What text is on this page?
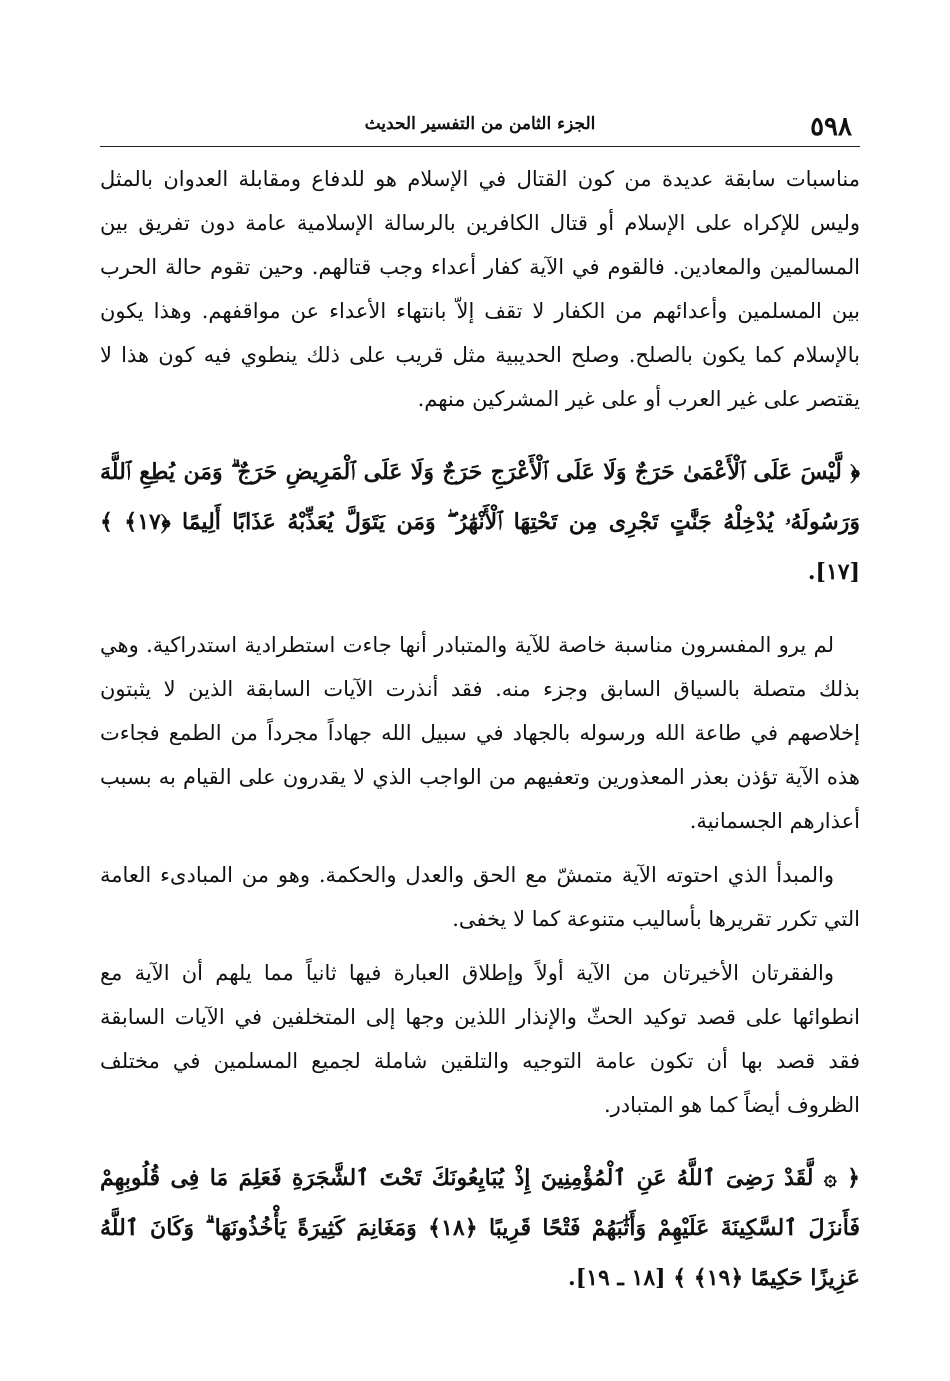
٥٩٨
الجزء الثامن من التفسير الحديث

مناسبات سابقة عديدة من كون القتال في الإسلام هو للدفاع ومقابلة العدوان بالمثل وليس للإكراه على الإسلام أو قتال الكافرين بالرسالة الإسلامية عامة دون تفريق بين المسالمين والمعادين. فالقوم في الآية كفار أعداء وجب قتالهم. وحين تقوم حالة الحرب بين المسلمين وأعدائهم من الكفار لا تقف إلاّ بانتهاء الأعداء عن مواقفهم. وهذا يكون بالإسلام كما يكون بالصلح. وصلح الحديبية مثل قريب على ذلك ينطوي فيه كون هذا لا يقتصر على غير العرب أو على غير المشركين منهم.

﴿ لَّيْسَ عَلَى ٱلْأَعْمَىٰ حَرَجٌ وَلَا عَلَى ٱلْأَعْرَجِ حَرَجٌ وَلَا عَلَى ٱلْمَرِيضِ حَرَجٌ ۗ وَمَن يُطِعِ ٱللَّهَ وَرَسُولَهُۥ يُدْخِلْهُ جَنَّٰتٍ تَجْرِى مِن تَحْتِهَا ٱلْأَنْهَٰرُ ۖ وَمَن يَتَوَلَّ يُعَذِّبْهُ عَذَابًا أَلِيمًا ﴿١٧﴾ ﴾ [١٧].

لم يرو المفسرون مناسبة خاصة للآية والمتبادر أنها جاءت استطرادية استدراكية. وهي بذلك متصلة بالسياق السابق وجزء منه. فقد أنذرت الآيات السابقة الذين لا يثبتون إخلاصهم في طاعة الله ورسوله بالجهاد في سبيل الله جهاداً مجرداً من الطمع فجاءت هذه الآية تؤذن بعذر المعذورين وتعفيهم من الواجب الذي لا يقدرون على القيام به بسبب أعذارهم الجسمانية.

والمبدأ الذي احتوته الآية متمشّ مع الحق والعدل والحكمة. وهو من المبادىء العامة التي تكرر تقريرها بأساليب متنوعة كما لا يخفى.

والفقرتان الأخيرتان من الآية أولاً وإطلاق العبارة فيها ثانياً مما يلهم أن الآية مع انطوائها على قصد توكيد الحثّ والإنذار اللذين وجها إلى المتخلفين في الآيات السابقة فقد قصد بها أن تكون عامة التوجيه والتلقين شاملة لجميع المسلمين في مختلف الظروف أيضاً كما هو المتبادر.

﴿ ۞ لَّقَدْ رَضِىَ ٱللَّهُ عَنِ ٱلْمُؤْمِنِينَ إِذْ يُبَايِعُونَكَ تَحْتَ ٱلشَّجَرَةِ فَعَلِمَ مَا فِى قُلُوبِهِمْ فَأَنزَلَ ٱلسَّكِينَةَ عَلَيْهِمْ وَأَثَٰبَهُمْ فَتْحًا قَرِيبًا ﴿١٨﴾ وَمَغَانِمَ كَثِيرَةً يَأْخُذُونَهَا ۗ وَكَانَ ٱللَّهُ عَزِيزًا حَكِيمًا ﴿١٩﴾ ﴾ [١٨ ـ ١٩].
